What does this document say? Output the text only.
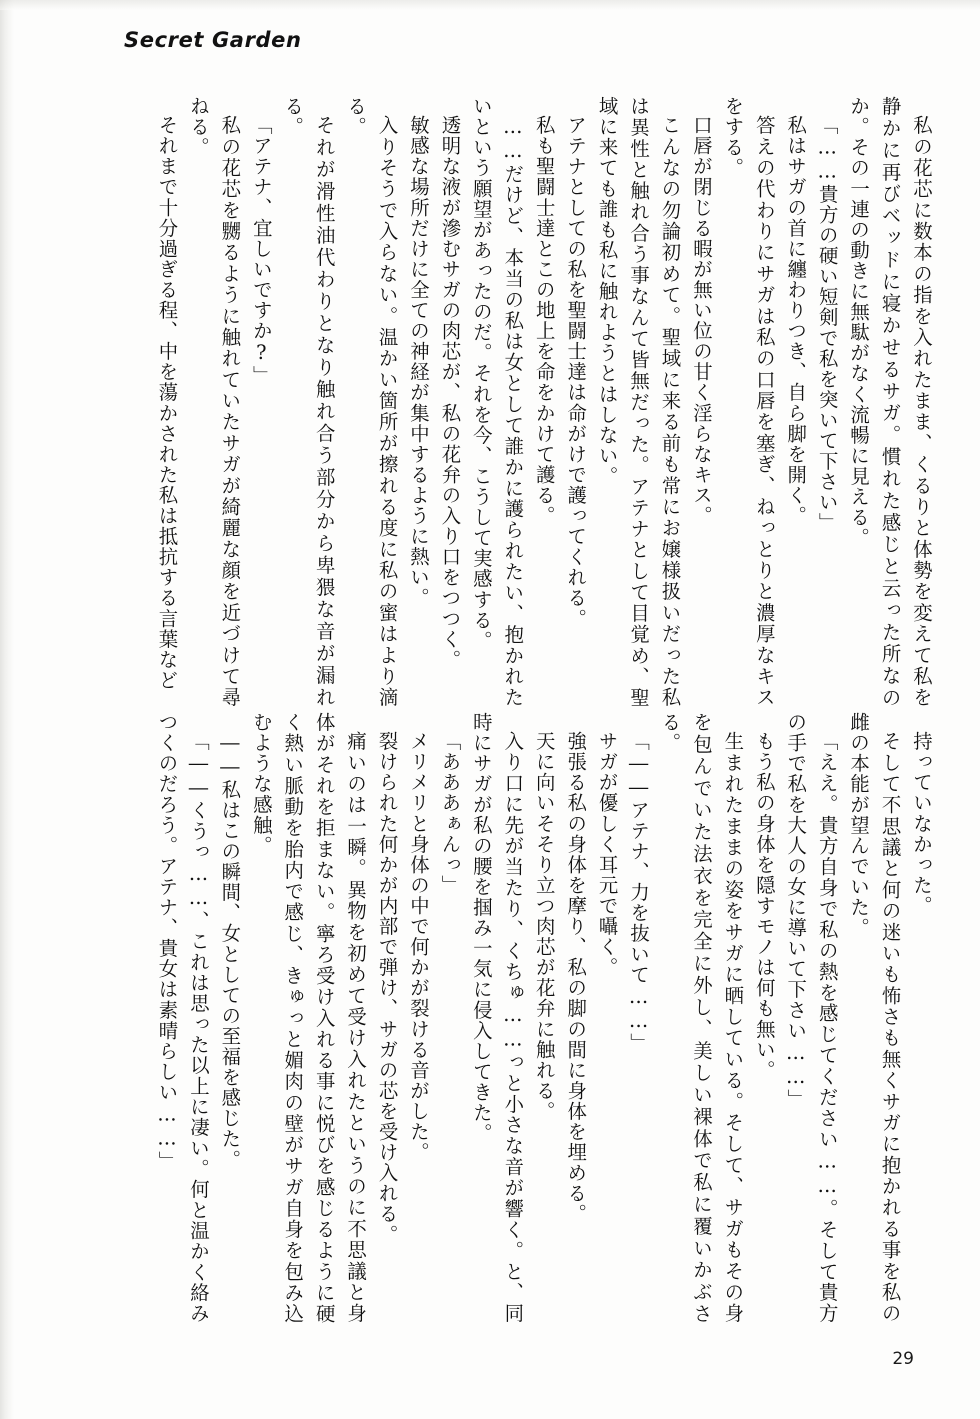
Secret Garden

私の花芯に数本の指を入れたまま、くるりと体勢を変えて私を静かに再びベッドに寝かせるサガ。慣れた感じと云った所なのか。その一連の動きに無駄がなく流暢に見える。

「……貴方の硬い短剣で私を突いて下さい」

私はサガの首に纏わりつき、自ら脚を開く。

答えの代わりにサガは私の口唇を塞ぎ、ねっとりと濃厚なキスをする。

口唇が閉じる暇が無い位の甘く淫らなキス。

こんなの勿論初めて。聖域に来る前も常にお嬢様扱いだった私は異性と触れ合う事なんて皆無だった。アテナとして目覚め、聖域に来ても誰も私に触れようとはしない。

アテナとしての私を聖闘士達は命がけで護ってくれる。

私も聖闘士達とこの地上を命をかけて護る。

……だけど、本当の私は女として誰かに護られたい、抱かれたいという願望があったのだ。それを今、こうして実感する。

透明な液が滲むサガの肉芯が、私の花弁の入り口をつつく。

敏感な場所だけに全ての神経が集中するように熱い。

入りそうで入らない。温かい箇所が擦れる度に私の蜜はより滴る。

それが滑性油代わりとなり触れ合う部分から卑猥な音が漏れる。

「アテナ、宜しいですか?」

私の花芯を嬲るように触れていたサガが綺麗な顔を近づけて尋ねる。

それまで十分過ぎる程、中を蕩かされた私は抵抗する言葉など

持っていなかった。

そして不思議と何の迷いも怖さも無くサガに抱かれる事を私の雌の本能が望んでいた。

「ええ。貴方自身で私の熱を感じてください……。そして貴方の手で私を大人の女に導いて下さい……」

もう私の身体を隠すモノは何も無い。

生まれたままの姿をサガに晒している。そして、サガもその身を包んでいた法衣を完全に外し、美しい裸体で私に覆いかぶさる。

「――アテナ、力を抜いて……」

サガが優しく耳元で囁く。

強張る私の身体を摩り、私の脚の間に身体を埋める。

天に向いそそり立つ肉芯が花弁に触れる。

入り口に先が当たり、くちゅ……っと小さな音が響く。と、同時にサガが私の腰を掴み一気に侵入してきた。

「あああぁんっ」

メリメリと身体の中で何かが裂ける音がした。

裂けられた何かが内部で弾け、サガの芯を受け入れる。

痛いのは一瞬。異物を初めて受け入れたというのに不思議と身体がそれを拒まない。寧ろ受け入れる事に悦びを感じるように硬く熱い脈動を胎内で感じ、きゅっと媚肉の壁がサガ自身を包み込むような感触。

――私はこの瞬間、女としての至福を感じた。

「――くうっ……、これは思った以上に凄い。何と温かく絡みつくのだろう。アテナ、貴女は素晴らしい……」

29
